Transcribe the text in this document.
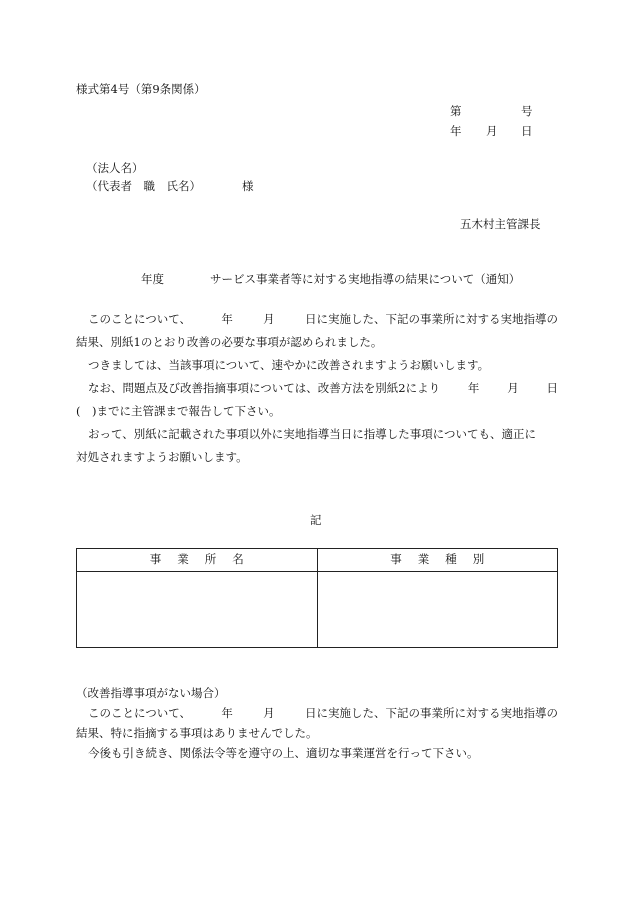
様式第4号（第9条関係）
第	号
年 月 日
（法人名）
（代表者　職　氏名）	様
五木村主管課長
年度	サービス事業者等に対する実地指導の結果について（通知）
このことについて、	年	月	日に実施した、下記の事業所に対する実地指導の
結果、別紙1のとおり改善の必要な事項が認められました。
つきましては、当該事項について、速やかに改善されますようお願いします。
なお、問題点及び改善指摘事項については、改善方法を別紙2により 年 月 日
(　)までに主管課まで報告して下さい。
おって、別紙に記載された事項以外に実地指導当日に指導した事項についても、適正に
対処されますようお願いします。
記
事業所名	事業種別

（改善指導事項がない場合）
このことについて、	年	月	日に実施した、下記の事業所に対する実地指導の
結果、特に指摘する事項はありませんでした。
今後も引き続き、関係法令等を遵守の上、適切な事業運営を行って下さい。
